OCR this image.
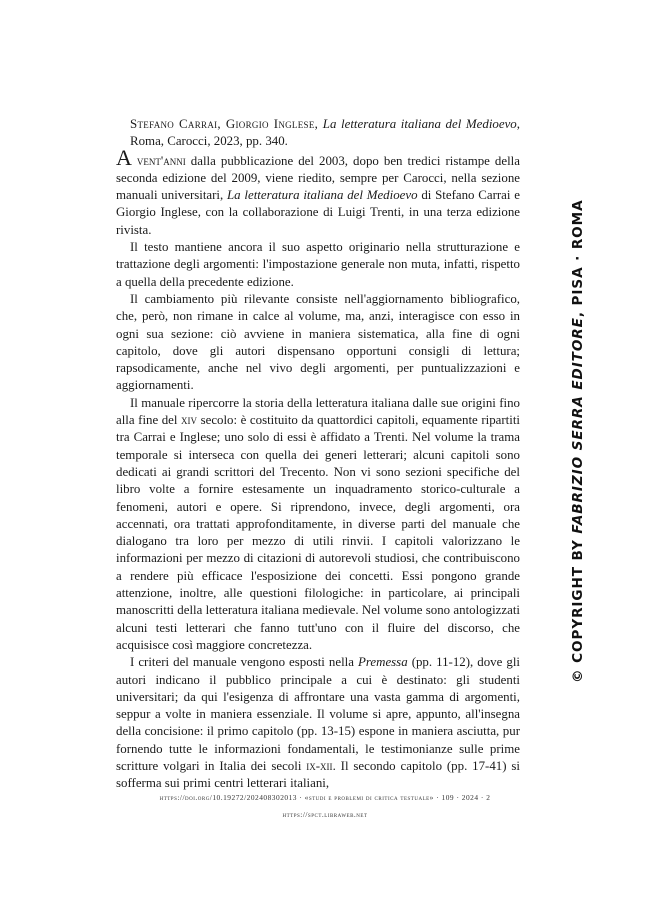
Stefano Carrai, Giorgio Inglese, La letteratura italiana del Medioevo, Roma, Carocci, 2023, pp. 340.

A vent'anni dalla pubblicazione del 2003, dopo ben tredici ristampe della seconda edizione del 2009, viene riedito, sempre per Carocci, nella sezione manuali universitari, La letteratura italiana del Medioevo di Stefano Carrai e Giorgio Inglese, con la collaborazione di Luigi Trenti, in una terza edizione rivista.

Il testo mantiene ancora il suo aspetto originario nella strutturazione e trattazione degli argomenti: l'impostazione generale non muta, infatti, rispetto a quella della precedente edizione.

Il cambiamento più rilevante consiste nell'aggiornamento bibliografico, che, però, non rimane in calce al volume, ma, anzi, interagisce con esso in ogni sua sezione: ciò avviene in maniera sistematica, alla fine di ogni capitolo, dove gli autori dispensano opportuni consigli di lettura; rapsodicamente, anche nel vivo degli argomenti, per puntualizzazioni e aggiornamenti.

Il manuale ripercorre la storia della letteratura italiana dalle sue origini fino alla fine del xiv secolo: è costituito da quattordici capitoli, equamente ripartiti tra Carrai e Inglese; uno solo di essi è affidato a Trenti. Nel volume la trama temporale si interseca con quella dei generi letterari; alcuni capitoli sono dedicati ai grandi scrittori del Trecento. Non vi sono sezioni specifiche del libro volte a fornire estesamente un inquadramento storico-culturale a fenomeni, autori e opere. Si riprendono, invece, degli argomenti, ora accennati, ora trattati approfonditamente, in diverse parti del manuale che dialogano tra loro per mezzo di utili rinvii. I capitoli valorizzano le informazioni per mezzo di citazioni di autorevoli studiosi, che contribuiscono a rendere più efficace l'esposizione dei concetti. Essi pongono grande attenzione, inoltre, alle questioni filologiche: in particolare, ai principali manoscritti della letteratura italiana medievale. Nel volume sono antologizzati alcuni testi letterari che fanno tutt'uno con il fluire del discorso, che acquisisce così maggiore concretezza.

I criteri del manuale vengono esposti nella Premessa (pp. 11-12), dove gli autori indicano il pubblico principale a cui è destinato: gli studenti universitari; da qui l'esigenza di affrontare una vasta gamma di argomenti, seppur a volte in maniera essenziale. Il volume si apre, appunto, all'insegna della concisione: il primo capitolo (pp. 13-15) espone in maniera asciutta, pur fornendo tutte le informazioni fondamentali, le testimonianze sulle prime scritture volgari in Italia dei secoli ix-xii. Il secondo capitolo (pp. 17-41) si sofferma sui primi centri letterari italiani,

https://doi.org/10.19272/202408302013 · «studi e problemi di critica testuale» · 109 · 2024 · 2
https://spct.libraweb.net
© COPYRIGHT BY FABRIZIO SERRA EDITORE, PISA · ROMA
